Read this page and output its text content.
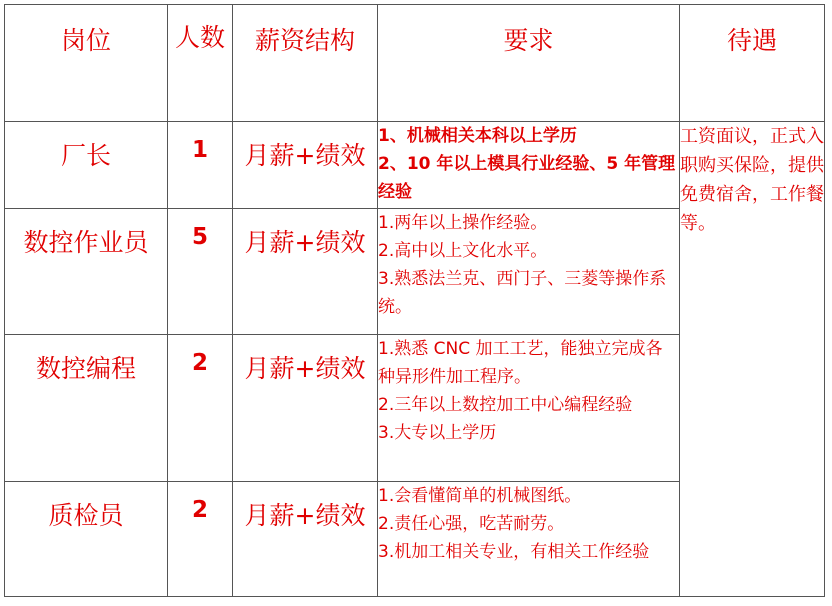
岗位	人数	薪资结构	要求	待遇

厂长	1	月薪+绩效	1、机械相关本科以上学历
2、10 年以上模具行业经验、5 年管理经验	工资面议，正式入职购买保险，提供免费宿舍，工作餐等。

数控作业员	5	月薪+绩效	1.两年以上操作经验。
2.高中以上文化水平。
3.熟悉法兰克、西门子、三菱等操作系统。	

数控编程	2	月薪+绩效	1.熟悉 CNC 加工工艺，能独立完成各种异形件加工程序。
2.三年以上数控加工中心编程经验
3.大专以上学历	

质检员	2	月薪+绩效	1.会看懂简单的机械图纸。
2.责任心强，吃苦耐劳。
3.机加工相关专业，有相关工作经验	
